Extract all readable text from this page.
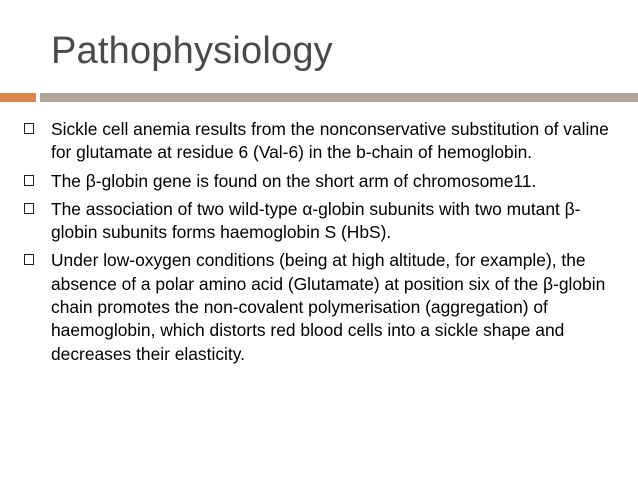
Pathophysiology
Sickle cell anemia results from the nonconservative substitution of valine for glutamate at residue 6 (Val-6) in the b-chain of hemoglobin.
The β-globin gene is found on the short arm of chromosome11.
The association of two wild-type α-globin subunits with two mutant β-globin subunits forms haemoglobin S (HbS).
Under low-oxygen conditions (being at high altitude, for example), the absence of a polar amino acid (Glutamate) at position six of the β-globin chain promotes the non-covalent polymerisation (aggregation) of haemoglobin, which distorts red blood cells into a sickle shape and decreases their elasticity.
